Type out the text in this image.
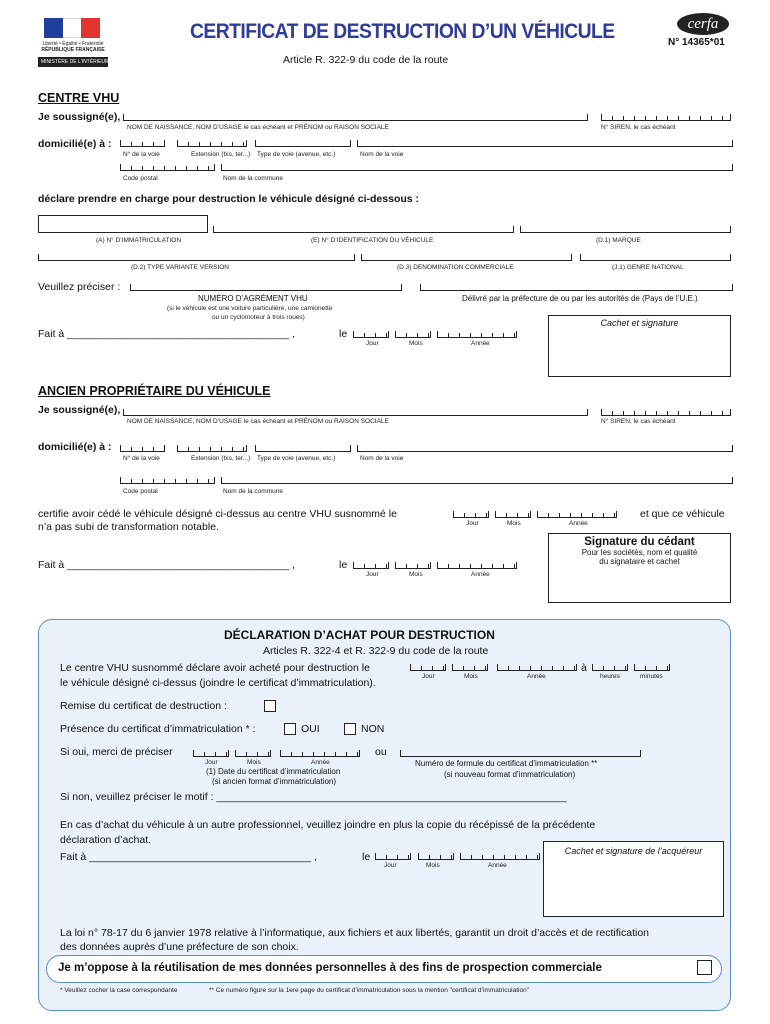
Liberté • Égalité • Fraternité
RÉPUBLIQUE FRANÇAISE
MINISTÈRE DE L'INTÉRIEUR
CERTIFICAT DE DESTRUCTION D’UN VÉHICULE
Article R. 322-9 du code de la route
cerfa
N° 14365*01
CENTRE VHU
Je soussigné(e),
NOM DE NAISSANCE, NOM D’USAGE le cas échéant et PRÉNOM ou RAISON SOCIALE	N° SIREN, le cas échéant
domicilié(e) à :
N° de la voie	Extension (bis, ter...) Type de voie (avenue, etc.)	Nom de la voie
Code postal	Nom de la commune
déclare prendre en charge pour destruction le véhicule désigné ci-dessous :
(A) N° D’IMMATRICULATION	(E) N° D’IDENTIFICATION DU VÉHICULE	(D.1) MARQUE
(D.2) TYPE VARIANTE VERSION	(D.3) DENOMINATION COMMERCIALE	(J.1) GENRE NATIONAL
Veuillez préciser :
NUMÉRO D’AGRÉMENT VHU
(si le véhicule est une voiture particulière, une camionette
ou un cyclomoteur à trois roues)
Délivré par la préfecture de ou par les autorités de (Pays de l’U.E.)
Cachet et signature
Fait à ______________________________________ ,	le
Jour	Mois	Année
ANCIEN PROPRIÉTAIRE DU VÉHICULE
Je soussigné(e),
NOM DE NAISSANCE, NOM D’USAGE le cas échéant et PRÉNOM ou RAISON SOCIALE	N° SIREN, le cas échéant
domicilié(e) à :
N° de la voie	Extension (bis, ter...) Type de voie (avenue, etc.)	Nom de la voie
Code postal	Nom de la commune
certifie avoir cédé le véhicule désigné ci-dessus au centre VHU susnommé le
n’a pas subi de transformation notable.	Jour	Mois	Année
et que ce véhicule
Signature du cédant
Pour les sociétés, nom et qualité
du signataire et cachet
Fait à ______________________________________ ,	le
Jour	Mois	Année
DÉCLARATION D’ACHAT POUR DESTRUCTION
Articles R. 322-4 et R. 322-9 du code de la route
Le centre VHU susnommé déclare avoir acheté pour destruction le	à
Jour	Mois	Année	heures	minutes
le véhicule désigné ci-dessus (joindre le certificat d’immatriculation).
Remise du certificat de destruction :
Présence du certificat d’immatriculation * :	OUI	NON
Si oui, merci de préciser
Jour	Mois	Année
(1) Date du certificat d’immatriculation
(si ancien format d’immatriculation)
ou
Numéro de formule du certificat d’immatriculation **
(si nouveau format d’immatriculation)
Si non, veuillez préciser le motif : ____________________________________________________________
En cas d’achat du véhicule à un autre professionnel, veuillez joindre en plus la copie du récépissé de la précédente
déclaration d’achat.
Fait à ______________________________________ ,	le
Jour	Mois	Année
Cachet et signature de l’acquéreur
La loi n° 78-17 du 6 janvier 1978 relative à l’informatique, aux fichiers et aux libertés, garantit un droit d’accès et de rectification
des données auprès d’une préfecture de son choix.
Je m’oppose à la réutilisation de mes données personnelles à des fins de prospection commerciale
* Veuillez cocher la case correspondante	** Ce numéro figure sur la 1ere page du certificat d’immatriculation sous la mention "certificat d’immatriculation"
